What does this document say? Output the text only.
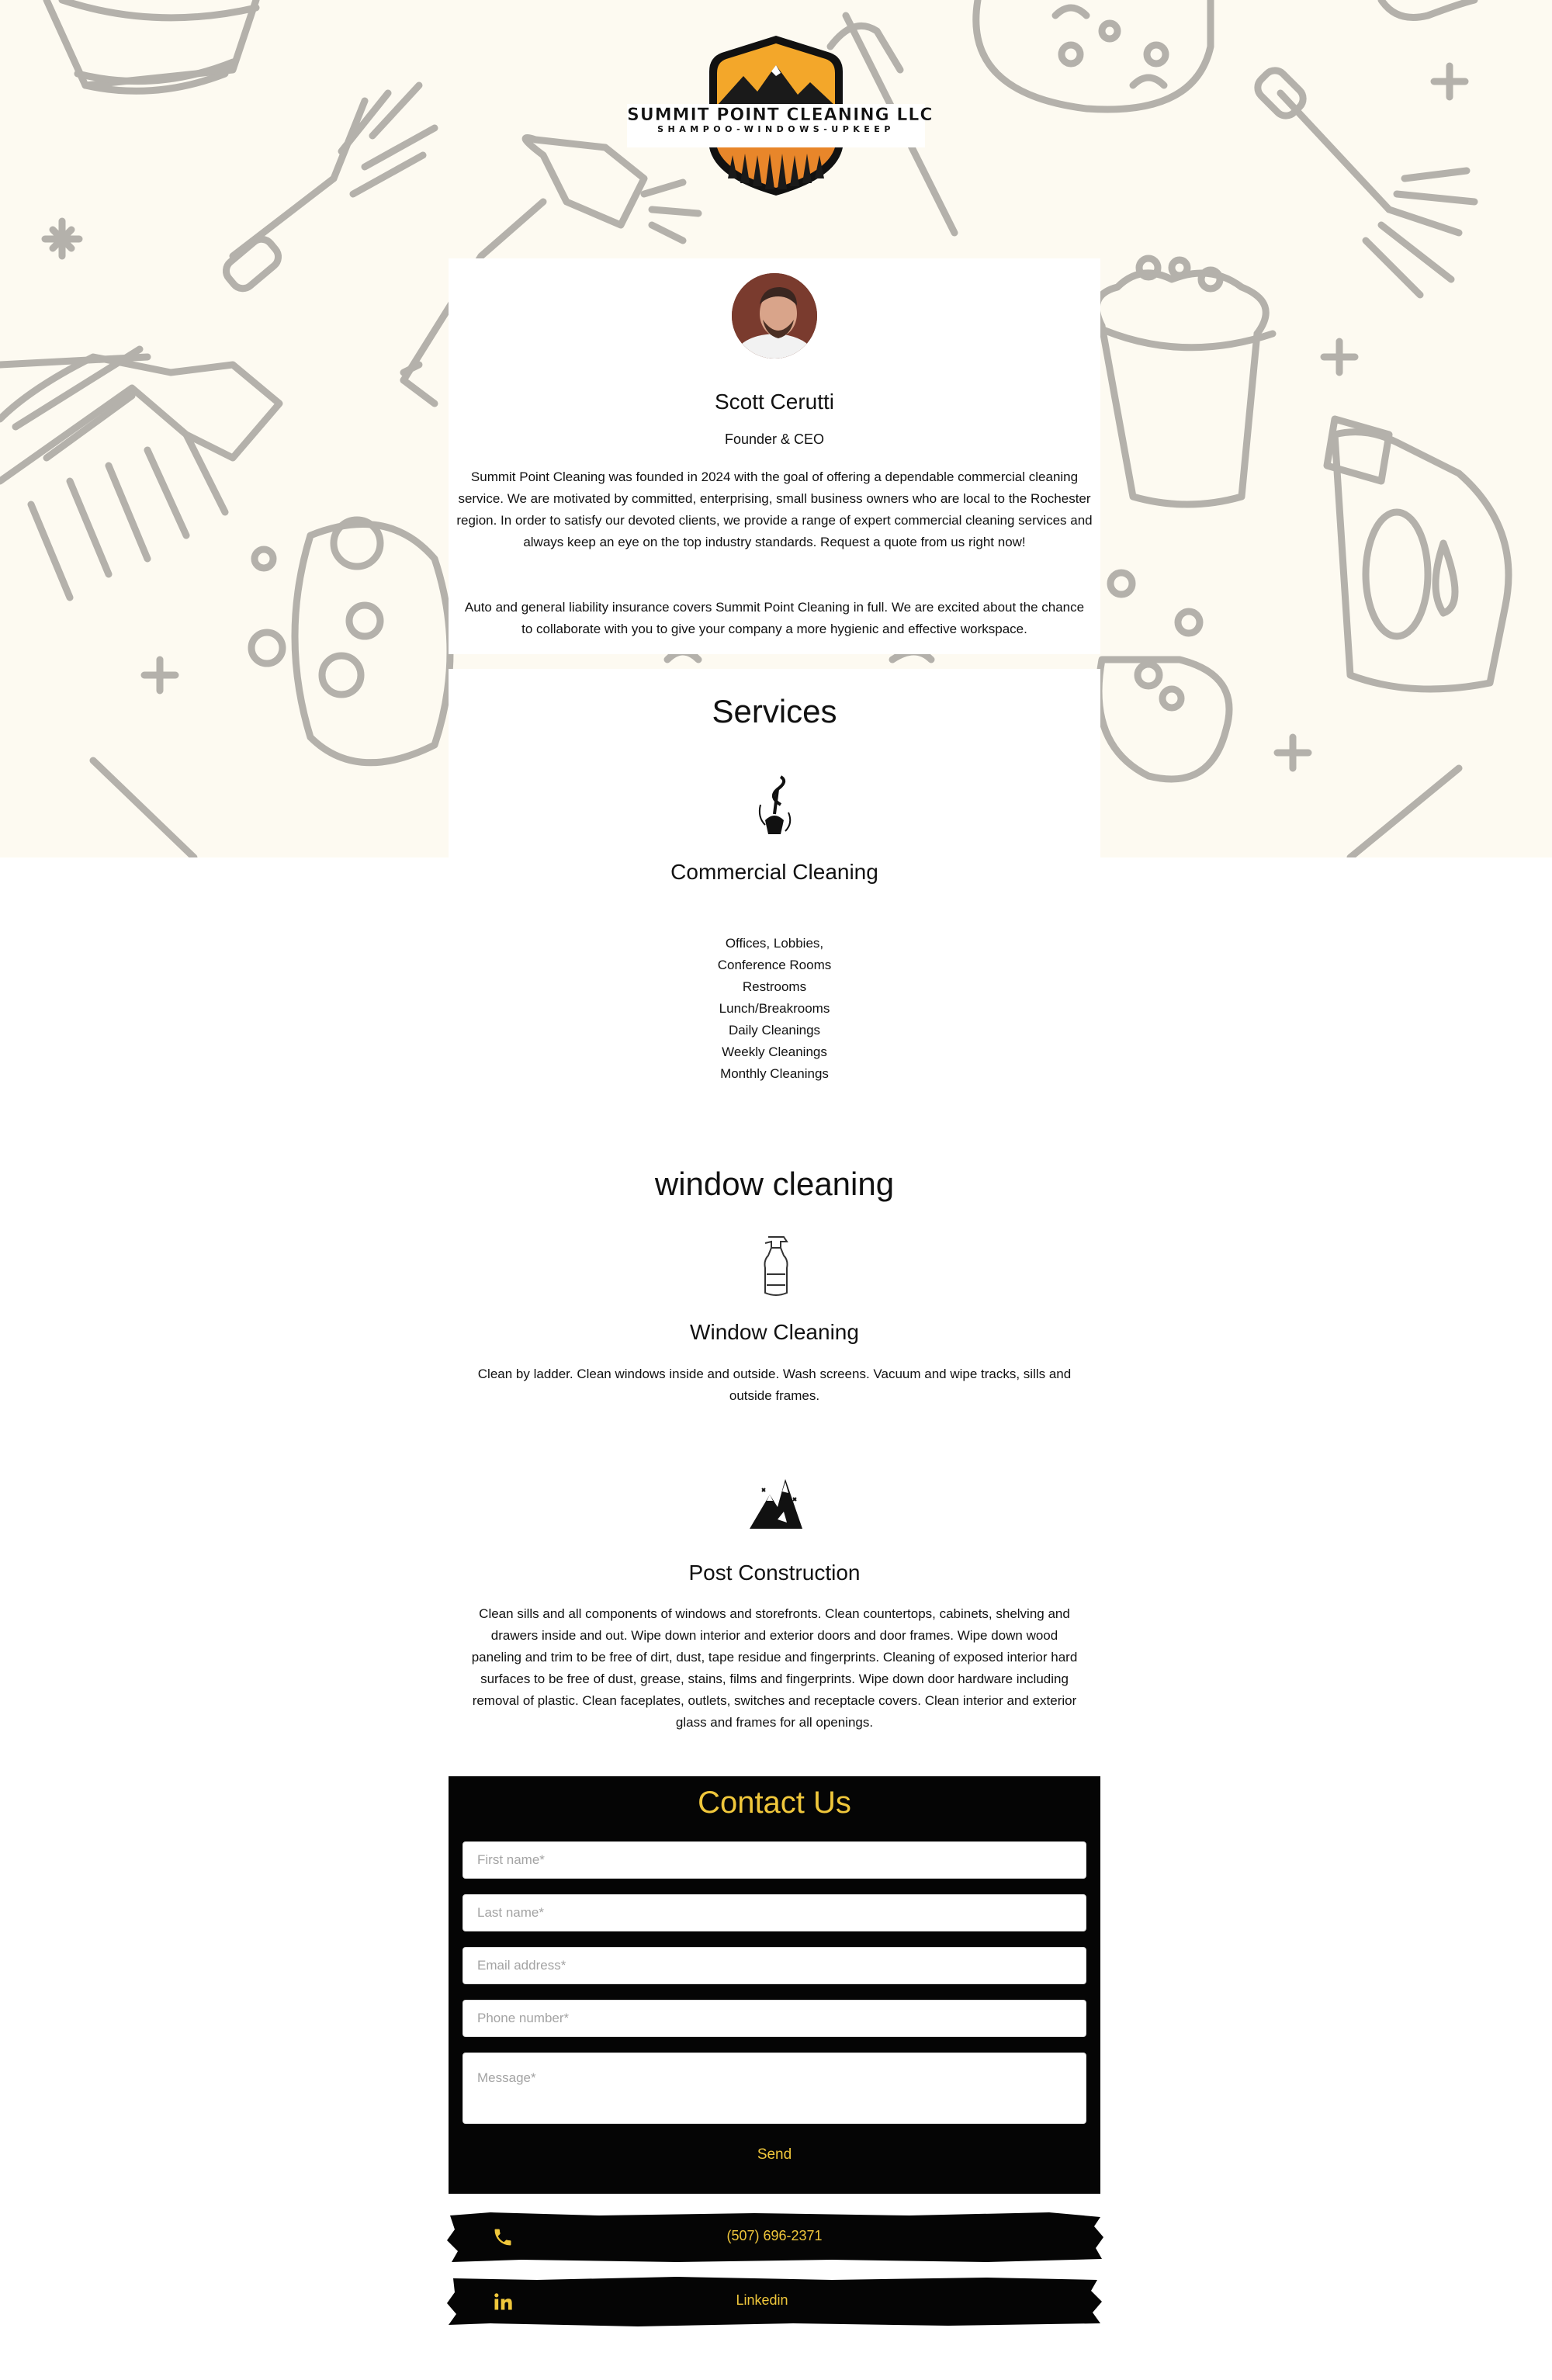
SUMMIT POINT CLEANING LLC
SHAMPOO-WINDOWS-UPKEEP
Scott Cerutti
Founder & CEO
Summit Point Cleaning was founded in 2024 with the goal of offering a dependable commercial cleaning service. We are motivated by committed, enterprising, small business owners who are local to the Rochester region. In order to satisfy our devoted clients, we provide a range of expert commercial cleaning services and always keep an eye on the top industry standards. Request a quote from us right now!
Auto and general liability insurance covers Summit Point Cleaning in full. We are excited about the chance to collaborate with you to give your company a more hygienic and effective workspace.
Services
Commercial Cleaning
Offices, Lobbies,
Conference Rooms
Restrooms
Lunch/Breakrooms
Daily Cleanings
Weekly Cleanings
Monthly Cleanings
window cleaning
Window Cleaning
Clean by ladder. Clean windows inside and outside. Wash screens. Vacuum and wipe tracks, sills and outside frames.
Post Construction
Clean sills and all components of windows and storefronts. Clean countertops, cabinets, shelving and drawers inside and out. Wipe down interior and exterior doors and door frames. Wipe down wood paneling and trim to be free of dirt, dust, tape residue and fingerprints. Cleaning of exposed interior hard surfaces to be free of dust, grease, stains, films and fingerprints. Wipe down door hardware including removal of plastic. Clean faceplates, outlets, switches and receptacle covers. Clean interior and exterior glass and frames for all openings.
Contact Us
First name*
Last name*
Email address*
Phone number*
Message*
Send
(507) 696-2371
Linkedin
